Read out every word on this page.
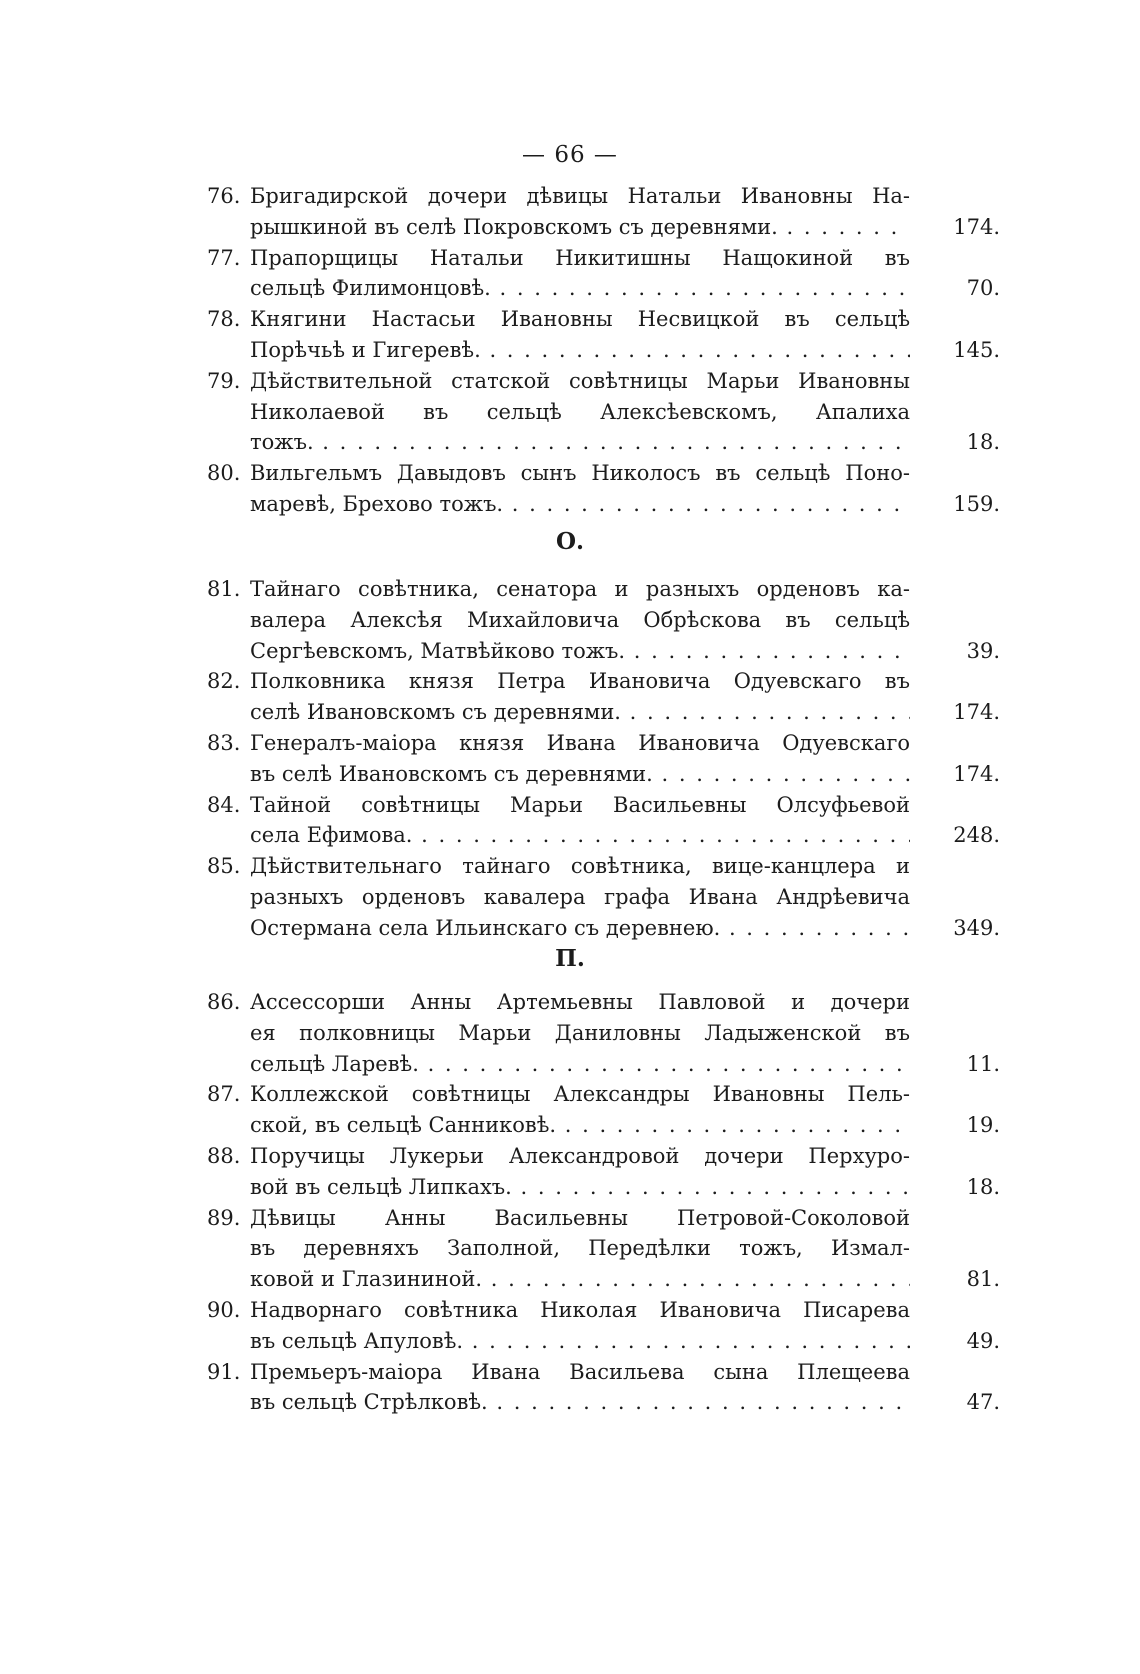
— 66 —
76. Бригадирской дочери дѣвицы Натальи Ивановны На-
рышкиной въ селѣ Покровскомъ съ деревнями. . . .	174.
77. Прапорщицы Натальи Никитишны Нащокиной въ
сельцѣ Филимонцовѣ. . . .	70.
78. Княгини Настасьи Ивановны Несвицкой въ сельцѣ
Порѣчьѣ и Гигеревѣ. . . .	145.
79. Дѣйствительной статской совѣтницы Марьи Ивановны
Николаевой въ сельцѣ Алексѣевскомъ, Апалиха
тожъ. . . .	18.
80. Вильгельмъ Давыдовъ сынъ Николосъ въ сельцѣ Поно-
маревѣ, Брехово тожъ. . . .	159.
О.
81. Тайнаго совѣтника, сенатора и разныхъ орденовъ ка-
валера Алексѣя Михайловича Обрѣскова въ сельцѣ
Сергѣевскомъ, Матвѣйково тожъ. . . .	39.
82. Полковника князя Петра Ивановича Одуевскаго въ
селѣ Ивановскомъ съ деревнями. . . .	174.
83. Генералъ-маіора князя Ивана Ивановича Одуевскаго
въ селѣ Ивановскомъ съ деревнями. . . .	174.
84. Тайной совѣтницы Марьи Васильевны Олсуфьевой
села Ефимова. . . .	248.
85. Дѣйствительнаго тайнаго совѣтника, вице-канцлера и
разныхъ орденовъ кавалера графа Ивана Андрѣевича
Остермана села Ильинскаго съ деревнею. . . .	349.
П.
86. Ассессорши Анны Артемьевны Павловой и дочери
ея полковницы Марьи Даниловны Ладыженской въ
сельцѣ Ларевѣ. . . .	11.
87. Коллежской совѣтницы Александры Ивановны Пель-
ской, въ сельцѣ Санниковѣ. . . .	19.
88. Поручицы Лукерьи Александровой дочери Перхуро-
вой въ сельцѣ Липкахъ. . . .	18.
89. Дѣвицы Анны Васильевны Петровой-Соколовой
въ деревняхъ Заполной, Передѣлки тожъ, Измал-
ковой и Глазининой. . . .	81.
90. Надворнаго совѣтника Николая Ивановича Писарева
въ сельцѣ Апуловѣ. . . .	49.
91. Премьеръ-маіора Ивана Васильева сына Плещеева
въ сельцѣ Стрѣлковѣ. . . .	47.
